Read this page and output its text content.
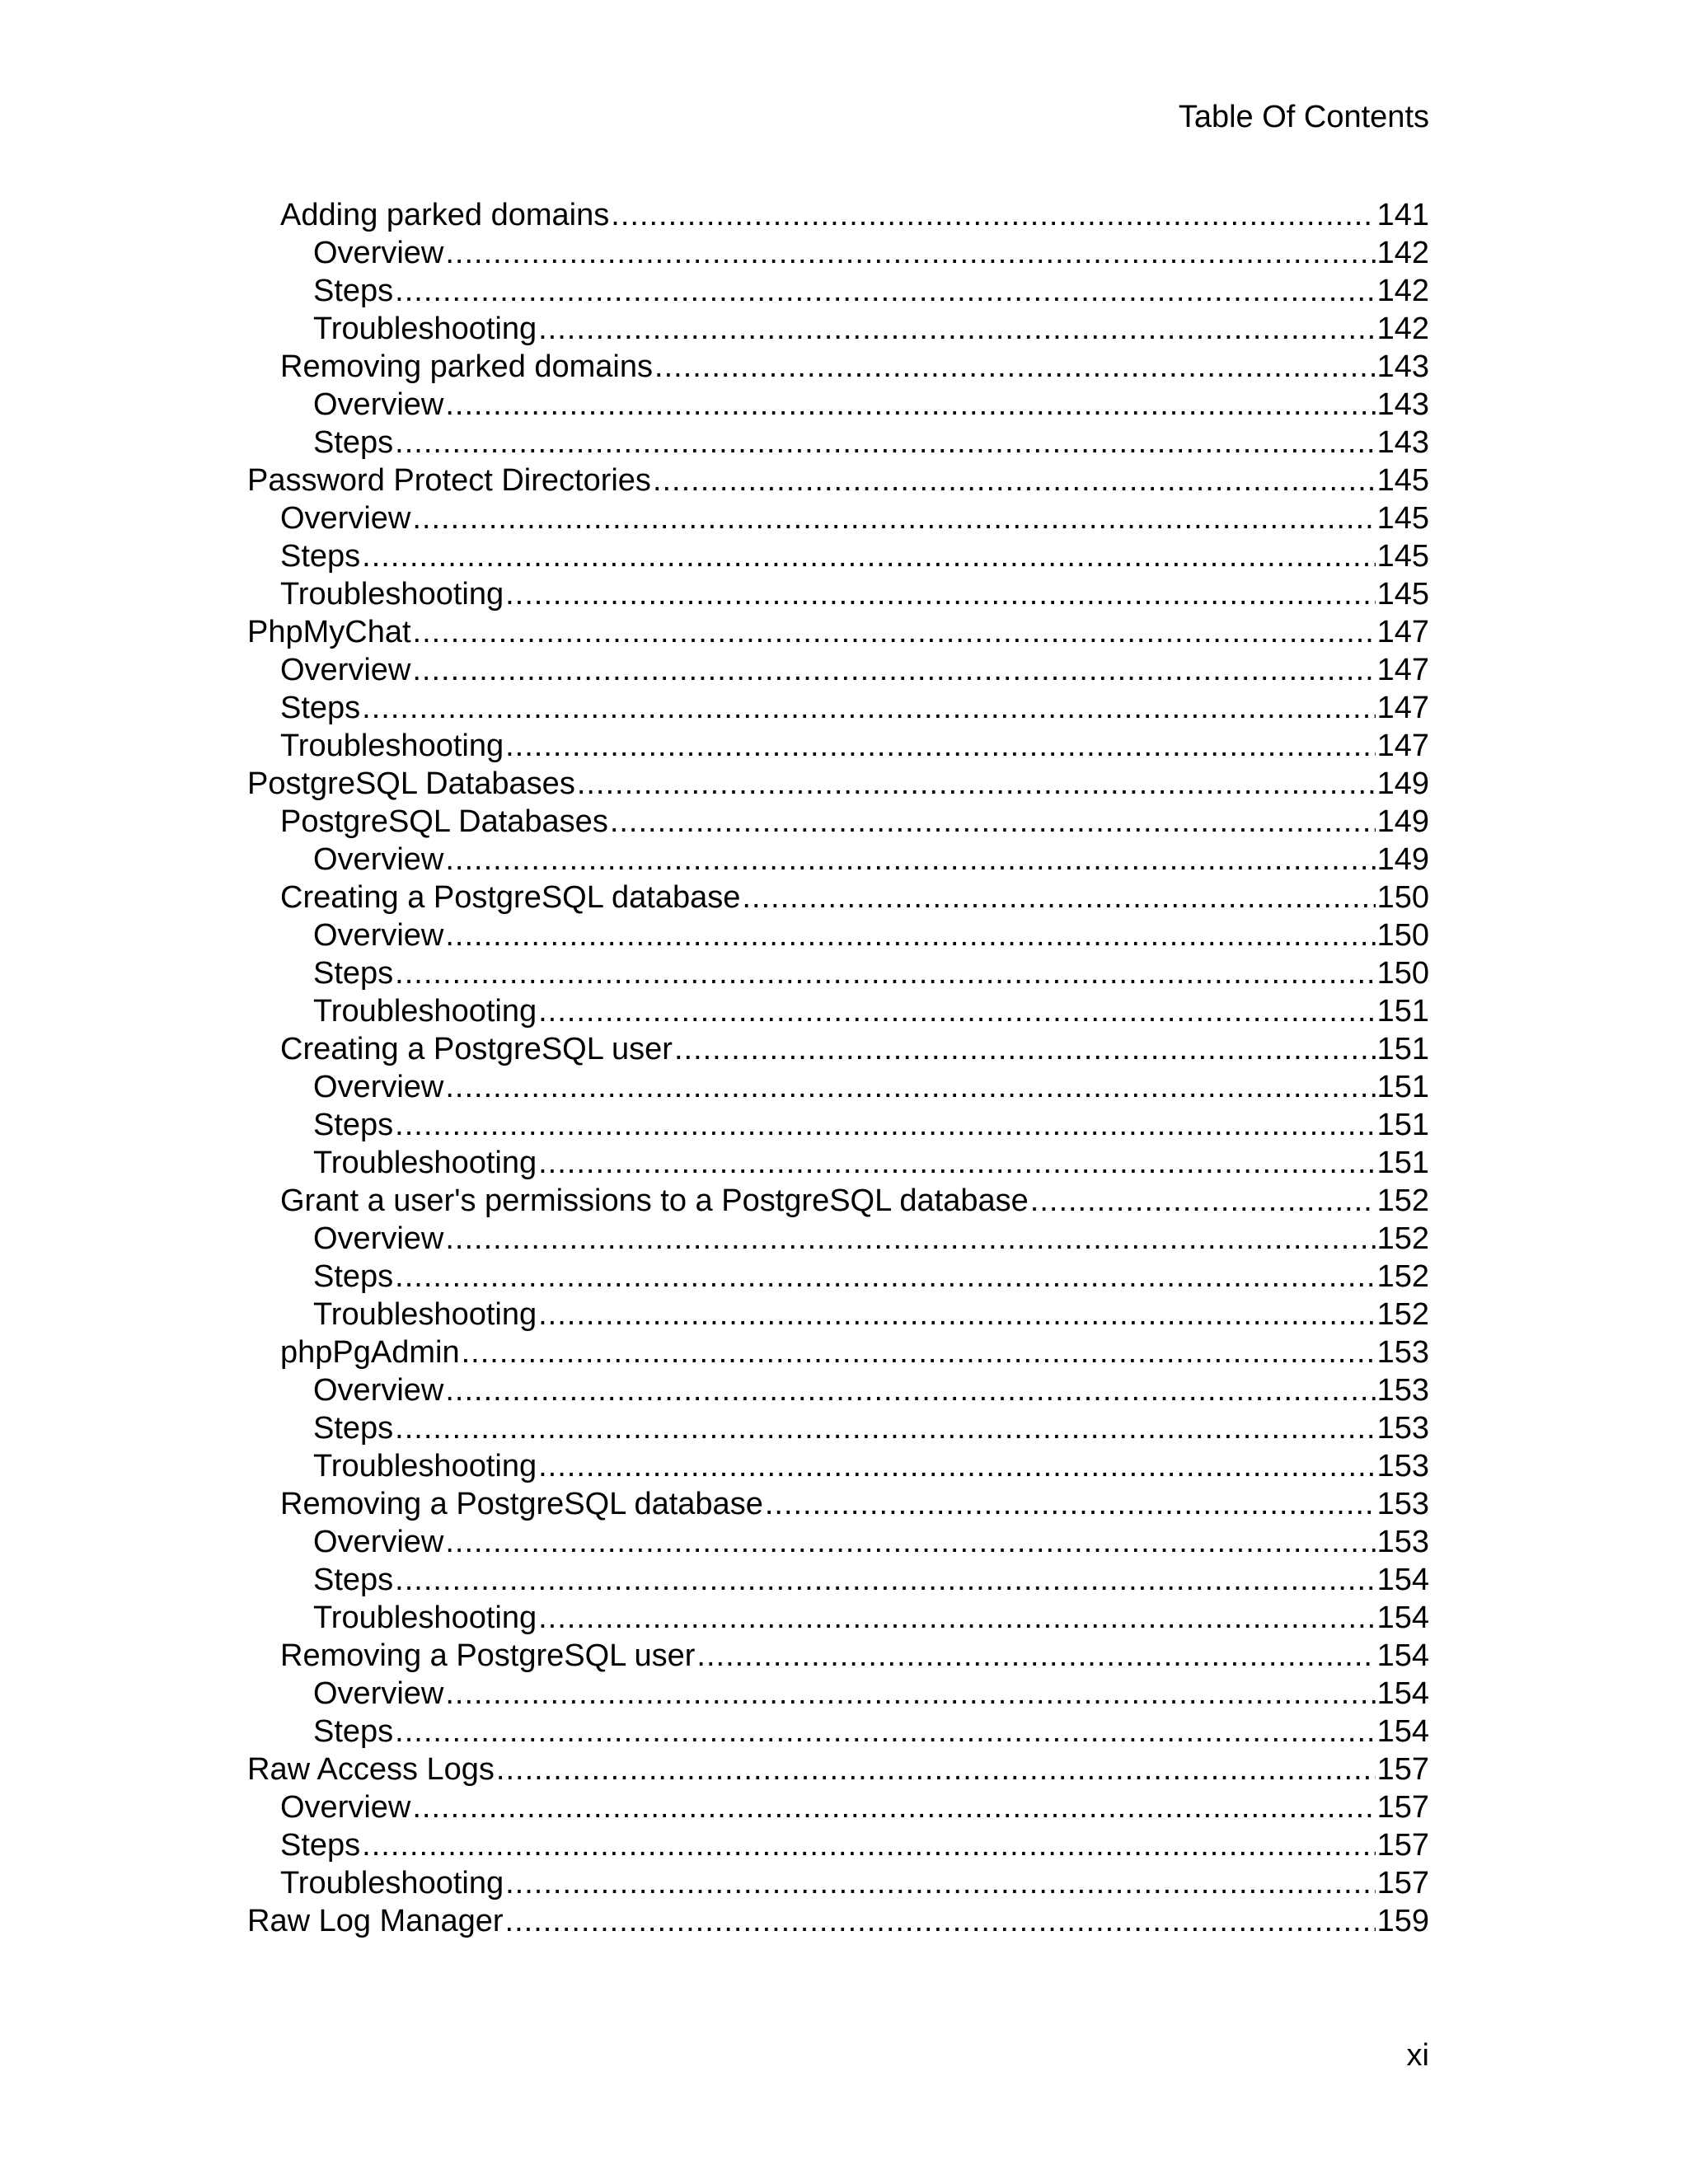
Table Of Contents
Adding parked domains .....	141
Overview .....	142
Steps .....	142
Troubleshooting .....	142
Removing parked domains .....	143
Overview .....	143
Steps .....	143
Password Protect Directories .....	145
Overview .....	145
Steps .....	145
Troubleshooting .....	145
PhpMyChat .....	147
Overview .....	147
Steps .....	147
Troubleshooting .....	147
PostgreSQL Databases .....	149
PostgreSQL Databases .....	149
Overview .....	149
Creating a PostgreSQL database .....	150
Overview .....	150
Steps .....	150
Troubleshooting .....	151
Creating a PostgreSQL user .....	151
Overview .....	151
Steps .....	151
Troubleshooting .....	151
Grant a user's permissions to a PostgreSQL database .....	152
Overview .....	152
Steps .....	152
Troubleshooting .....	152
phpPgAdmin .....	153
Overview .....	153
Steps .....	153
Troubleshooting .....	153
Removing a PostgreSQL database .....	153
Overview .....	153
Steps .....	154
Troubleshooting .....	154
Removing a PostgreSQL user .....	154
Overview .....	154
Steps .....	154
Raw Access Logs .....	157
Overview .....	157
Steps .....	157
Troubleshooting .....	157
Raw Log Manager .....	159
xi
